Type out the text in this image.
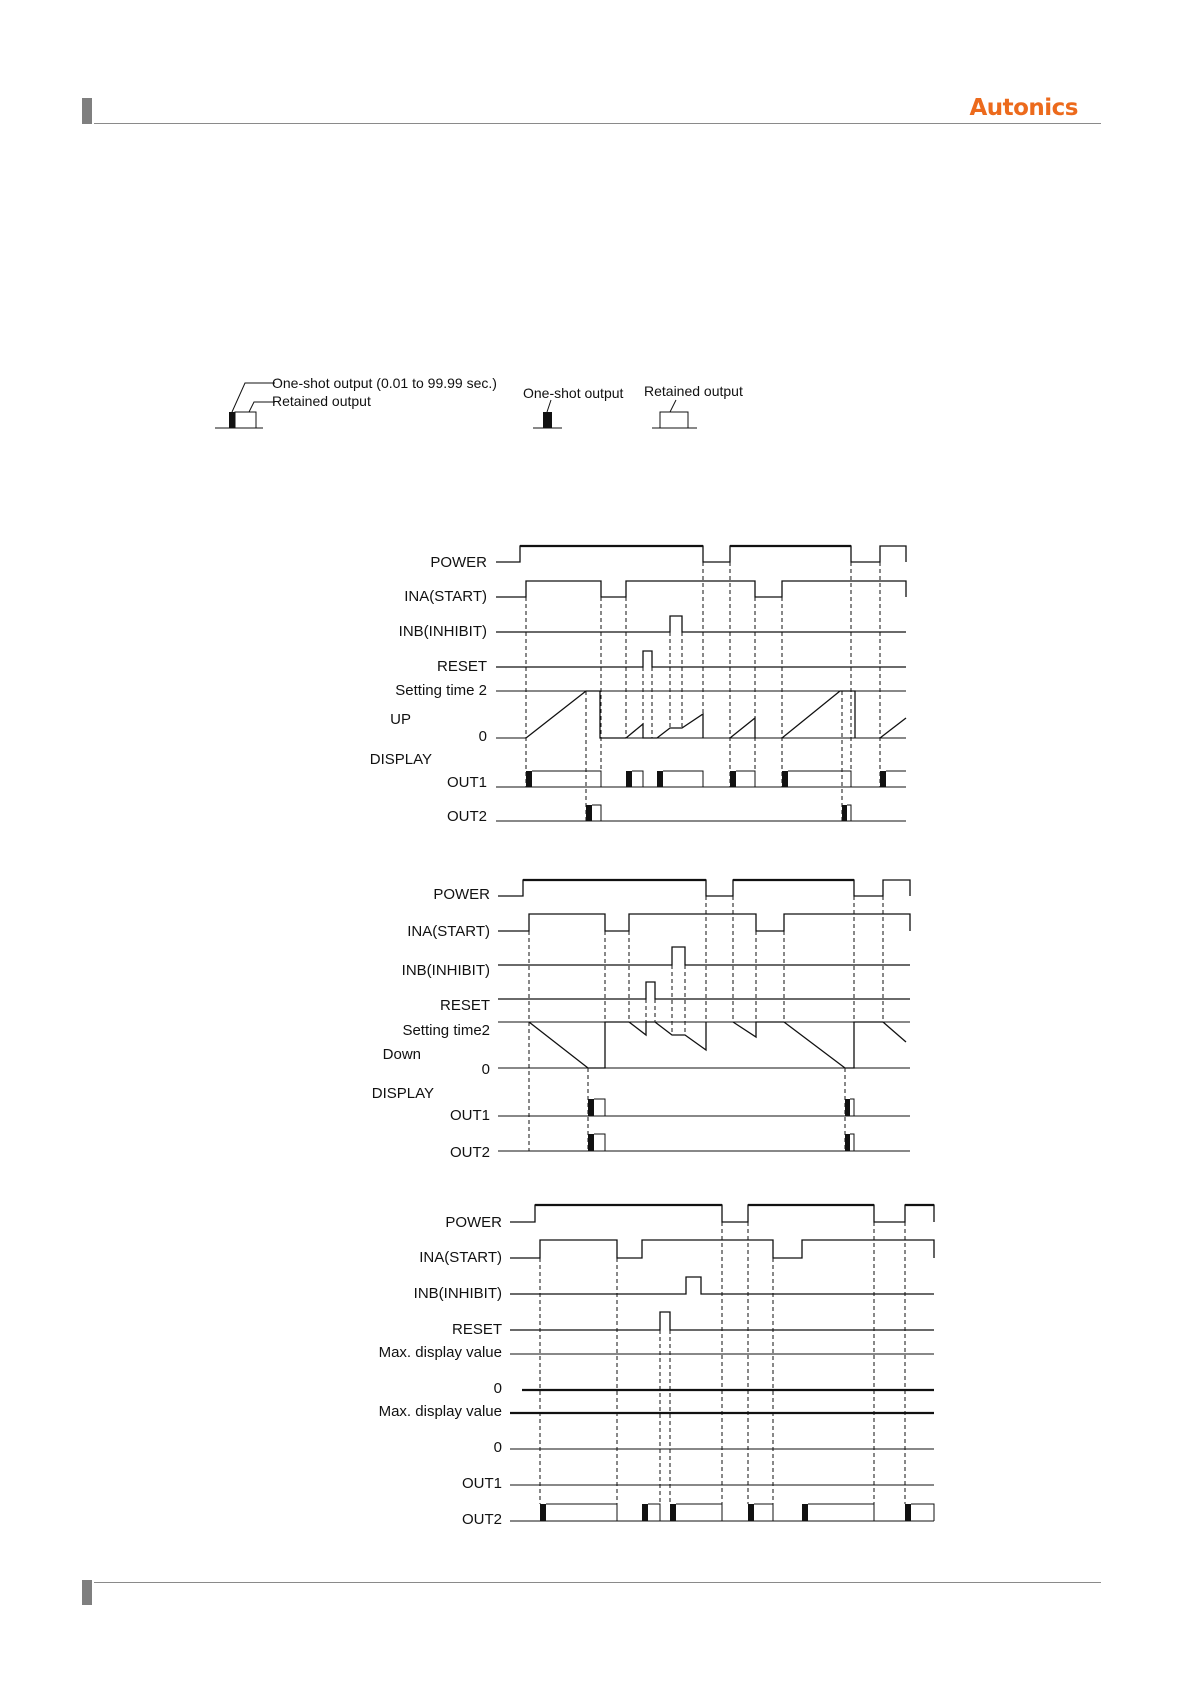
Autonics
One-shot output (0.01 to 99.99 sec.)
Retained output	One-shot output Retained output
POWER
INA(START)
INB(INHIBIT)
RESET
Setting time 2
UP
0
DISPLAY
OUT1
OUT2
POWER
INA(START)
INB(INHIBIT)
RESET
Setting time2
Down
0
DISPLAY
OUT1
OUT2
POWER
INA(START)
INB(INHIBIT)
RESET
Max. display value
0
Max. display value
0
OUT1
OUT2
